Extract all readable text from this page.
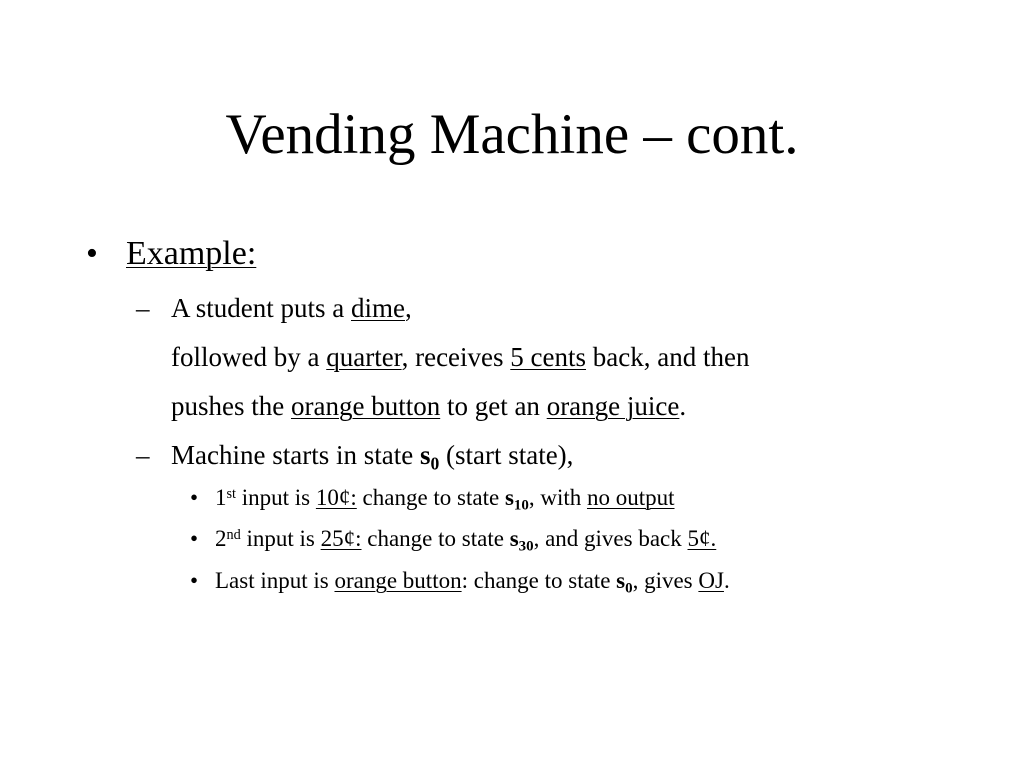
Vending Machine – cont.
• Example:
– A student puts a dime,
followed by a quarter, receives 5 cents back, and then
pushes the orange button to get an orange juice.
– Machine starts in state $s_0$ (start state),
• 1st input is 10¢: change to state $s_{10}$, with no output
• 2nd input is 25¢: change to state $s_{30}$, and gives back 5¢.
• Last input is orange button: change to state $s_0$, gives OJ.
